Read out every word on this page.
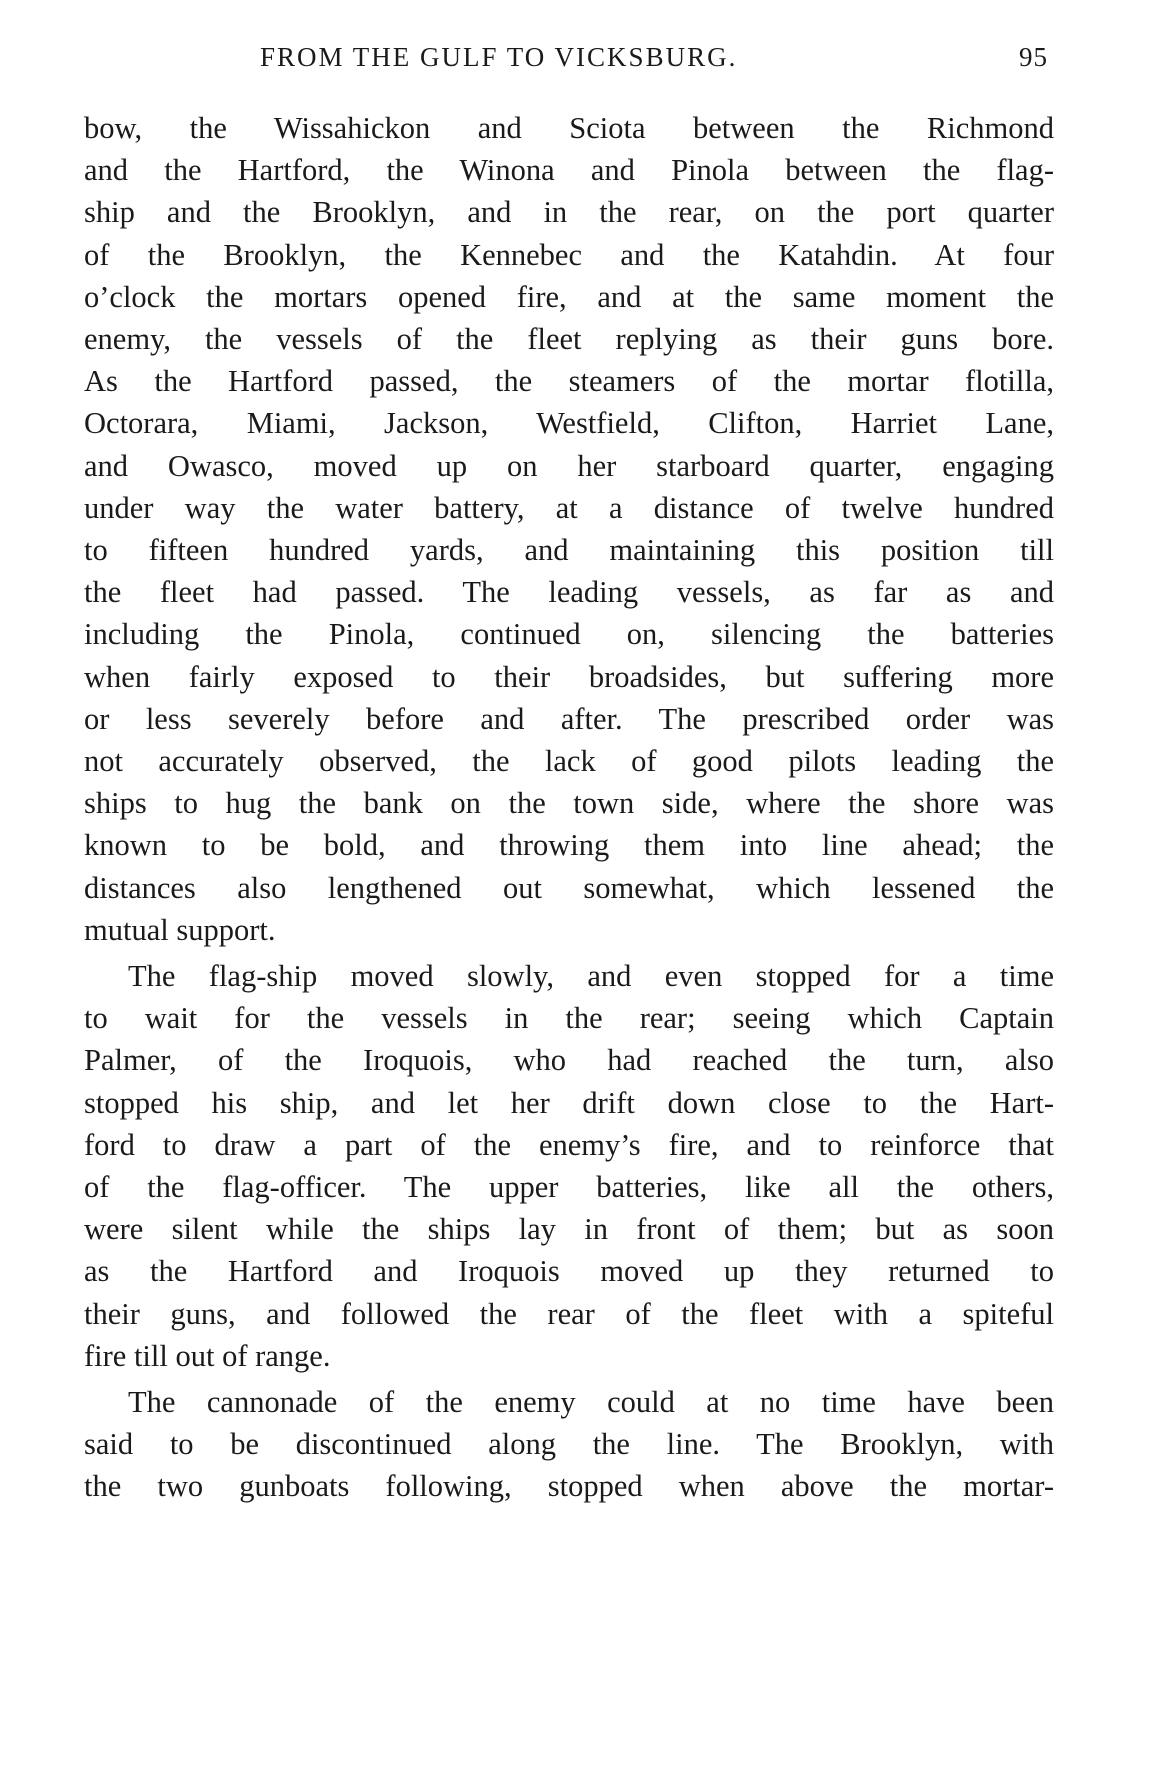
FROM THE GULF TO VICKSBURG.	95
bow, the Wissahickon and Sciota between the Richmond
and the Hartford, the Winona and Pinola between the flag-
ship and the Brooklyn, and in the rear, on the port quarter
of the Brooklyn, the Kennebec and the Katahdin. At four
o’clock the mortars opened fire, and at the same moment the
enemy, the vessels of the fleet replying as their guns bore.
As the Hartford passed, the steamers of the mortar flotilla,
Octorara, Miami, Jackson, Westfield, Clifton, Harriet Lane,
and Owasco, moved up on her starboard quarter, engaging
under way the water battery, at a distance of twelve hundred
to fifteen hundred yards, and maintaining this position till
the fleet had passed. The leading vessels, as far as and
including the Pinola, continued on, silencing the batteries
when fairly exposed to their broadsides, but suffering more
or less severely before and after. The prescribed order was
not accurately observed, the lack of good pilots leading the
ships to hug the bank on the town side, where the shore was
known to be bold, and throwing them into line ahead; the
distances also lengthened out somewhat, which lessened the
mutual support.
The flag-ship moved slowly, and even stopped for a time
to wait for the vessels in the rear; seeing which Captain
Palmer, of the Iroquois, who had reached the turn, also
stopped his ship, and let her drift down close to the Hart-
ford to draw a part of the enemy’s fire, and to reinforce that
of the flag-officer. The upper batteries, like all the others,
were silent while the ships lay in front of them; but as soon
as the Hartford and Iroquois moved up they returned to
their guns, and followed the rear of the fleet with a spiteful
fire till out of range.
The cannonade of the enemy could at no time have been
said to be discontinued along the line. The Brooklyn, with
the two gunboats following, stopped when above the mortar-
